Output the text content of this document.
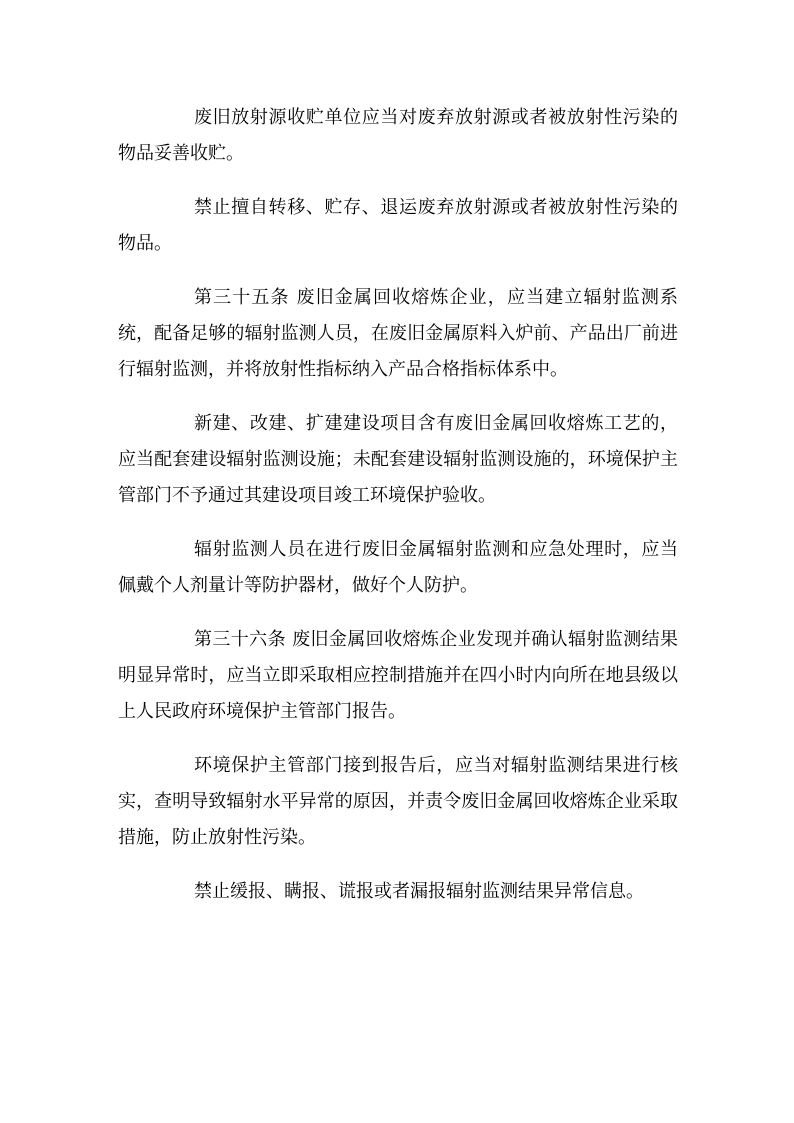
废旧放射源收贮单位应当对废弃放射源或者被放射性污染的物品妥善收贮。

禁止擅自转移、贮存、退运废弃放射源或者被放射性污染的物品。

第三十五条 废旧金属回收熔炼企业，应当建立辐射监测系统，配备足够的辐射监测人员，在废旧金属原料入炉前、产品出厂前进行辐射监测，并将放射性指标纳入产品合格指标体系中。

新建、改建、扩建建设项目含有废旧金属回收熔炼工艺的，应当配套建设辐射监测设施；未配套建设辐射监测设施的，环境保护主管部门不予通过其建设项目竣工环境保护验收。

辐射监测人员在进行废旧金属辐射监测和应急处理时，应当佩戴个人剂量计等防护器材，做好个人防护。

第三十六条 废旧金属回收熔炼企业发现并确认辐射监测结果明显异常时，应当立即采取相应控制措施并在四小时内向所在地县级以上人民政府环境保护主管部门报告。

环境保护主管部门接到报告后，应当对辐射监测结果进行核实，查明导致辐射水平异常的原因，并责令废旧金属回收熔炼企业采取措施，防止放射性污染。

禁止缓报、瞒报、谎报或者漏报辐射监测结果异常信息。
